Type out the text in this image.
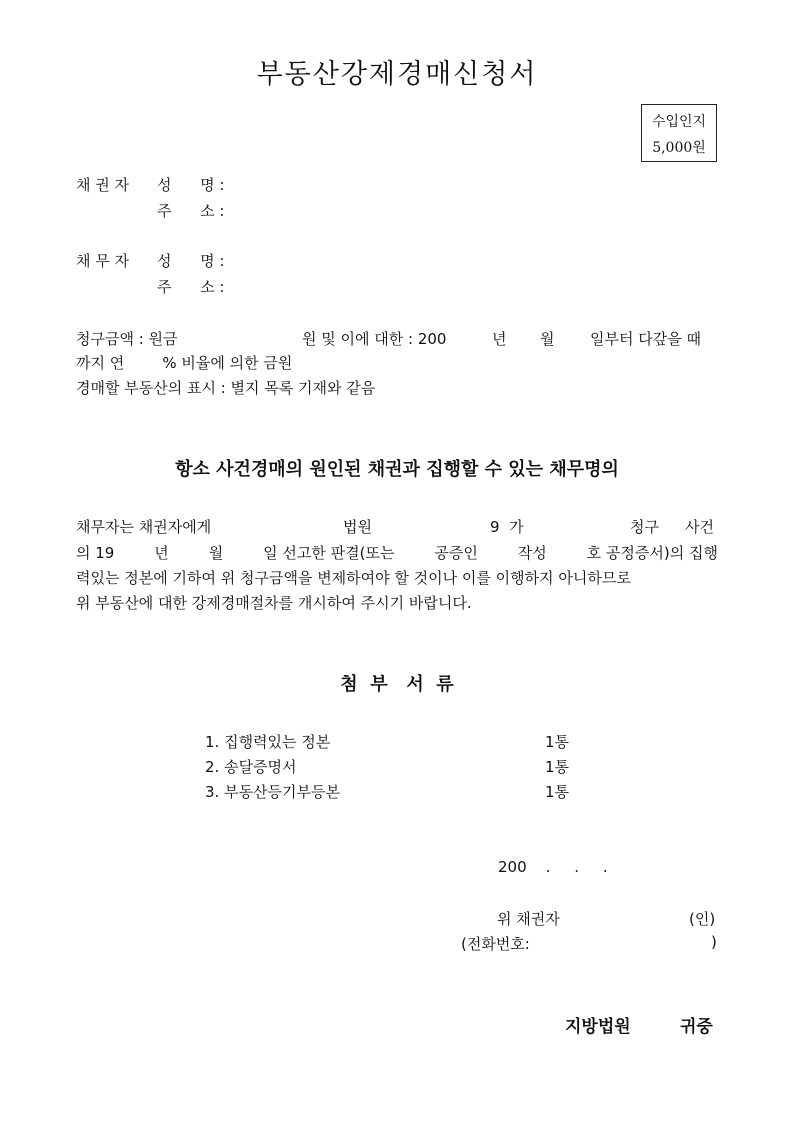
부동산강제경매신청서
수입인지
5,000원
채 권 자 성      명 :
주      소 :
채 무 자 성      명 :
주      소 :
청구금액 : 원금	원 및 이에 대한 : 200	년 월 일부터 다갚을 때
까지 연        % 비율에 의한 금원
경매할 부동산의 표시 : 별지 목록 기재와 같음
항소 사건경매의 원인된 채권과 집행할 수 있는 채무명의
채무자는 채권자에게	법원	9  가	청구 사건
의 19	년	월	일 선고한 판결(또는	공증인	작성	호 공정증서)의 집행
력있는 정본에 기하여 위 청구금액을 변제하여야 할 것이나 이를 이행하지 아니하므로
위 부동산에 대한 강제경매절차를 개시하여 주시기 바랍니다.
첨  부   서  류
1. 집행력있는 정본	1통
2. 송달증명서	1통
3. 부동산등기부등본	1통
200    .     .     .
위 채권자	(인)
(전화번호:	)
지방법원	귀중
